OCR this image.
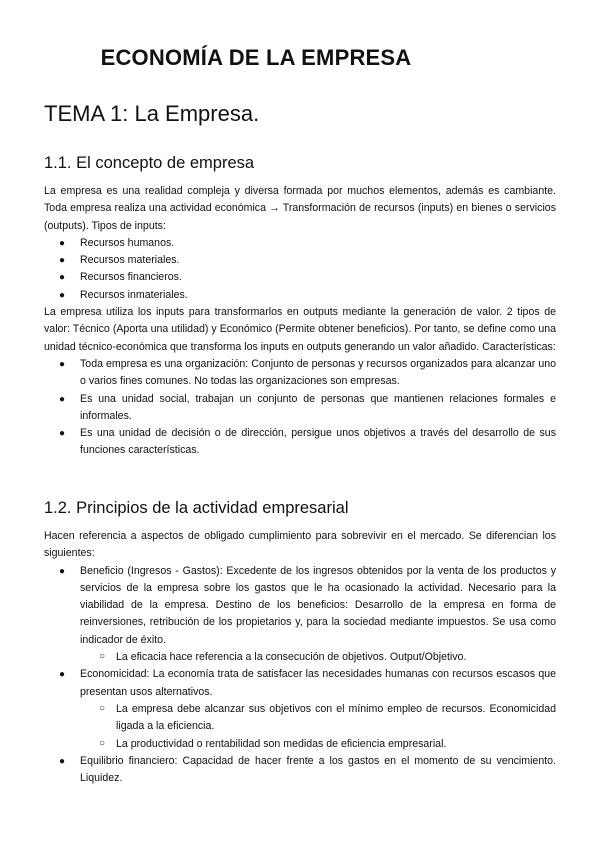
ECONOMÍA DE LA EMPRESA
TEMA 1: La Empresa.
1.1. El concepto de empresa

La empresa es una realidad compleja y diversa formada por muchos elementos, además es cambiante. Toda empresa realiza una actividad económica → Transformación de recursos (inputs) en bienes o servicios (outputs). Tipos de inputs:

● Recursos humanos.
● Recursos materiales.
● Recursos financieros.
● Recursos inmateriales.

La empresa utiliza los inputs para transformarlos en outputs mediante la generación de valor. 2 tipos de valor: Técnico (Aporta una utilidad) y Económico (Permite obtener beneficios). Por tanto, se define como una unidad técnico-económica que transforma los inputs en outputs generando un valor añadido. Características:

● Toda empresa es una organización: Conjunto de personas y recursos organizados para alcanzar uno o varios fines comunes. No todas las organizaciones son empresas.
● Es una unidad social, trabajan un conjunto de personas que mantienen relaciones formales e informales.
● Es una unidad de decisión o de dirección, persigue unos objetivos a través del desarrollo de sus funciones características.
1.2. Principios de la actividad empresarial

Hacen referencia a aspectos de obligado cumplimiento para sobrevivir en el mercado. Se diferencian los siguientes:

● Beneficio (Ingresos - Gastos): Excedente de los ingresos obtenidos por la venta de los productos y servicios de la empresa sobre los gastos que le ha ocasionado la actividad. Necesario para la viabilidad de la empresa. Destino de los beneficios: Desarrollo de la empresa en forma de reinversiones, retribución de los propietarios y, para la sociedad mediante impuestos. Se usa como indicador de éxito.
○ La eficacia hace referencia a la consecución de objetivos. Output/Objetivo.
● Economicidad: La economía trata de satisfacer las necesidades humanas con recursos escasos que presentan usos alternativos.
○ La empresa debe alcanzar sus objetivos con el mínimo empleo de recursos. Economicidad ligada a la eficiencia.
○ La productividad o rentabilidad son medidas de eficiencia empresarial.
● Equilibrio financiero: Capacidad de hacer frente a los gastos en el momento de su vencimiento. Liquidez.
